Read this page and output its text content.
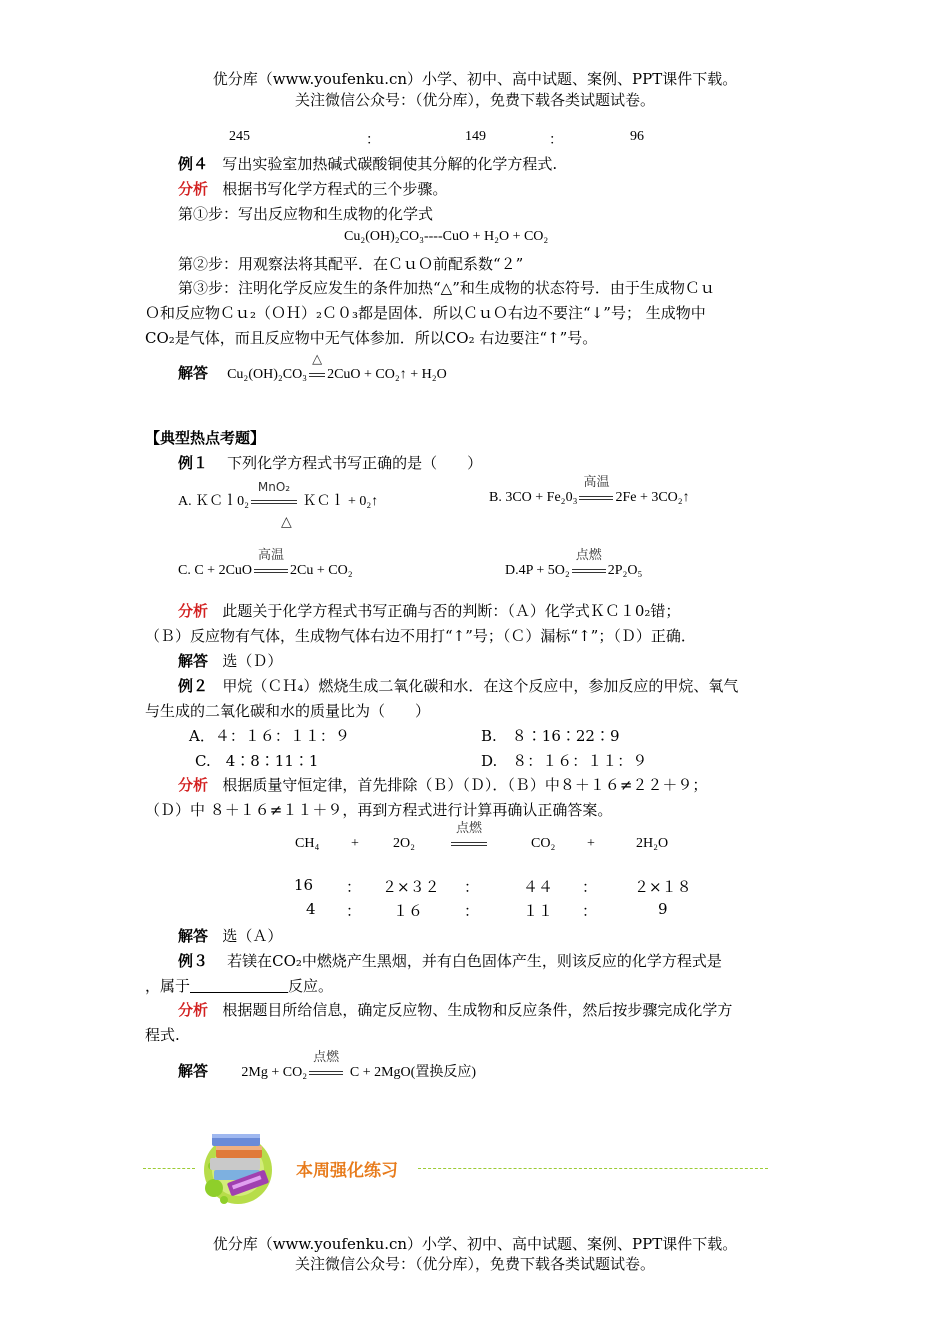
优分库（www.youfenku.cn）小学、初中、高中试题、案例、PPT课件下载。
关注微信公众号：（优分库），免费下载各类试题试卷。
245	：	149	：	96
例４ 写出实验室加热碱式碳酸铜使其分解的化学方程式.
分析 根据书写化学方程式的三个步骤。
第①步：写出反应物和生成物的化学式
Cu₂(OH)₂CO₃----CuO + H₂O + CO₂
第②步：用观察法将其配平．在ＣｕＯ前配系数“２”
第③步：注明化学反应发生的条件加热“△”和生成物的状态符号．由于生成物Ｃｕ
Ｏ和反应物Ｃｕ₂（ＯＨ）₂Ｃ０₃都是固体．所以ＣｕＯ右边不要注“↓”号； 生成物中
CO₂是气体，而且反应物中无气体参加．所以CO₂ 右边要注“↑”号。
解答 Cu₂(OH)₂CO₃
△
2CuO + CO₂↑ + H₂O
【典型热点考题】
例１ 下列化学方程式书写正确的是（　　）
A. ＫＣｌ0₂
MnO₂
ＫＣｌ + 0₂↑
△
B. 3CO + Fe₂0₃
高温
2Fe + 3CO₂↑
C. C + 2CuO
高温
2Cu + CO₂	D.4P + 5O₂
点燃
2P₂O₅
分析 此题关于化学方程式书写正确与否的判断：（Ａ）化学式ＫＣ１0₂错；
（Ｂ）反应物有气体，生成物气体右边不用打“↑”号；（Ｃ）漏标“↑”；（Ｄ）正确．
解答 选（Ｄ）
例２ 甲烷（ＣＨ₄）燃烧生成二氧化碳和水．在这个反应中，参加反应的甲烷、氧气
与生成的二氧化碳和水的质量比为（　　）
A．４：１６：１１：９	B.　８∶16∶22∶9
C.　4∶8∶11∶1	D.　８：１６：１１：９
分析 根据质量守恒定律，首先排除（Ｂ）（Ｄ）．（Ｂ）中８＋１６≠２２＋９；
（Ｄ）中 ８＋１６≠１１＋９，再到方程式进行计算再确认正确答案。
CH₄ + 2O₂
点燃
CO₂ +	2H₂O
16 ： ２×３２ ：	４４ ： ２×１８
4 ： １６	：	１１ ：	9
解答 选（Ａ）
例３ 若镁在CO₂中燃烧产生黑烟，并有白色固体产生，则该反应的化学方程式是
，属于	反应。
分析 根据题目所给信息，确定反应物、生成物和反应条件，然后按步骤完成化学方
程式.
解答 2Mg + CO₂
点燃
C + 2MgO(置换反应)
本周强化练习
优分库（www.youfenku.cn）小学、初中、高中试题、案例、PPT课件下载。
关注微信公众号：（优分库），免费下载各类试题试卷。
